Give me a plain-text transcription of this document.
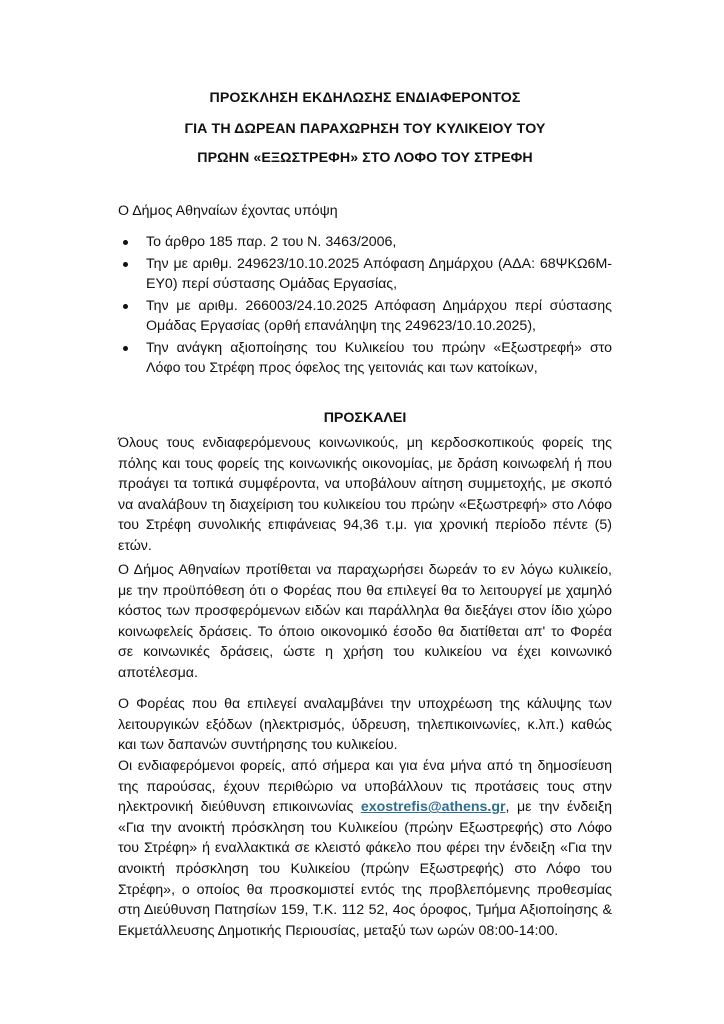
ΠΡΟΣΚΛΗΣΗ ΕΚΔΗΛΩΣΗΣ ΕΝΔΙΑΦΕΡΟΝΤΟΣ
ΓΙΑ ΤΗ ΔΩΡΕΑΝ ΠΑΡΑΧΩΡΗΣΗ ΤΟΥ ΚΥΛΙΚΕΙΟΥ ΤΟΥ
ΠΡΩΗΝ «ΕΞΩΣΤΡΕΦΗ» ΣΤΟ ΛΟΦΟ ΤΟΥ ΣΤΡΕΦΗ
Ο Δήμος Αθηναίων έχοντας υπόψη
Το άρθρο 185 παρ. 2 του Ν. 3463/2006,
Την με αριθμ. 249623/10.10.2025 Απόφαση Δημάρχου (ΑΔΑ: 68ΨΚΩ6Μ-ΕΥ0) περί σύστασης Ομάδας Εργασίας,
Την με αριθμ. 266003/24.10.2025 Απόφαση Δημάρχου περί σύστασης Ομάδας Εργασίας (ορθή επανάληψη της 249623/10.10.2025),
Την ανάγκη αξιοποίησης του Κυλικείου του πρώην «Εξωστρεφή» στο Λόφο του Στρέφη προς όφελος της γειτονιάς και των κατοίκων,
ΠΡΟΣΚΑΛΕΙ

Όλους τους ενδιαφερόμενους κοινωνικούς, μη κερδοσκοπικούς φορείς της πόλης και τους φορείς της κοινωνικής οικονομίας, με δράση κοινωφελή ή που προάγει τα τοπικά συμφέροντα, να υποβάλουν αίτηση συμμετοχής, με σκοπό να αναλάβουν τη διαχείριση του κυλικείου του πρώην «Εξωστρεφή» στο Λόφο του Στρέφη συνολικής επιφάνειας 94,36 τ.μ. για χρονική περίοδο πέντε (5) ετών.

Ο Δήμος Αθηναίων προτίθεται να παραχωρήσει δωρεάν το εν λόγω κυλικείο, με την προϋπόθεση ότι ο Φορέας που θα επιλεγεί θα το λειτουργεί με χαμηλό κόστος των προσφερόμενων ειδών και παράλληλα θα διεξάγει στον ίδιο χώρο κοινωφελείς δράσεις. Το όποιο οικονομικό έσοδο θα διατίθεται απ' το Φορέα σε κοινωνικές δράσεις, ώστε η χρήση του κυλικείου να έχει κοινωνικό αποτέλεσμα.

Ο Φορέας που θα επιλεγεί αναλαμβάνει την υποχρέωση της κάλυψης των λειτουργικών εξόδων (ηλεκτρισμός, ύδρευση, τηλεπικοινωνίες, κ.λπ.) καθώς και των δαπανών συντήρησης του κυλικείου.

Οι ενδιαφερόμενοι φορείς, από σήμερα και για ένα μήνα από τη δημοσίευση της παρούσας, έχουν περιθώριο να υποβάλλουν τις προτάσεις τους στην ηλεκτρονική διεύθυνση επικοινωνίας exostrefis@athens.gr, με την ένδειξη «Για την ανοικτή πρόσκληση του Κυλικείου (πρώην Εξωστρεφής) στο Λόφο του Στρέφη» ή εναλλακτικά σε κλειστό φάκελο που φέρει την ένδειξη «Για την ανοικτή πρόσκληση του Κυλικείου (πρώην Εξωστρεφής) στο Λόφο του Στρέφη», ο οποίος θα προσκομιστεί εντός της προβλεπόμενης προθεσμίας στη Διεύθυνση Πατησίων 159, Τ.Κ. 112 52, 4ος όροφος, Τμήμα Αξιοποίησης & Εκμετάλλευσης Δημοτικής Περιουσίας, μεταξύ των ωρών 08:00-14:00.
